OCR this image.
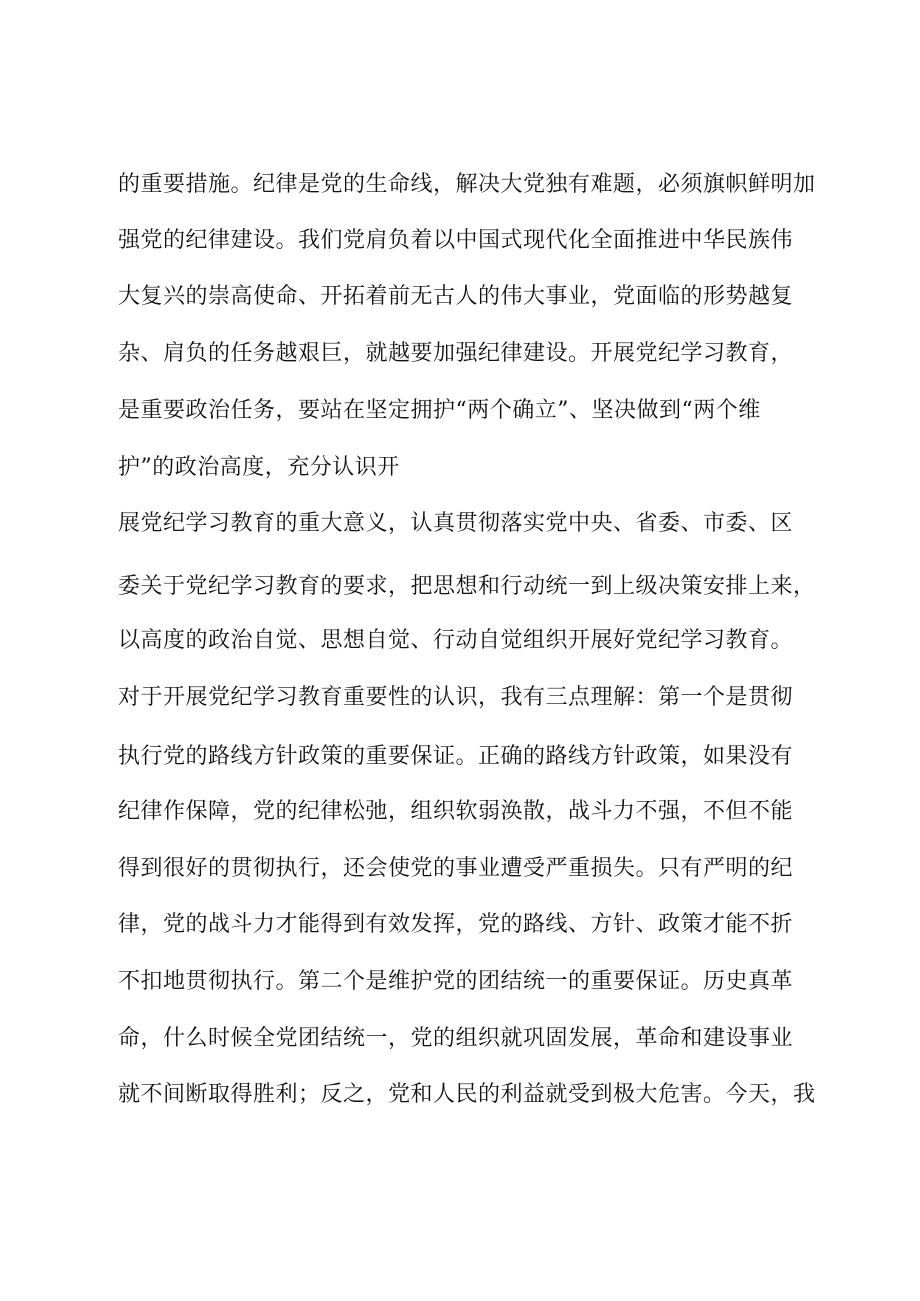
的重要措施。纪律是党的生命线，解决大党独有难题，必须旗帜鲜明加
强党的纪律建设。我们党肩负着以中国式现代化全面推进中华民族伟
大复兴的崇高使命、开拓着前无古人的伟大事业，党面临的形势越复
杂、肩负的任务越艰巨，就越要加强纪律建设。开展党纪学习教育，
是重要政治任务，要站在坚定拥护“两个确立”、坚决做到“两个维
护”的政治高度，充分认识开
展党纪学习教育的重大意义，认真贯彻落实党中央、省委、市委、区
委关于党纪学习教育的要求，把思想和行动统一到上级决策安排上来，
以高度的政治自觉、思想自觉、行动自觉组织开展好党纪学习教育。
对于开展党纪学习教育重要性的认识，我有三点理解：第一个是贯彻
执行党的路线方针政策的重要保证。正确的路线方针政策，如果没有
纪律作保障，党的纪律松弛，组织软弱涣散，战斗力不强，不但不能
得到很好的贯彻执行，还会使党的事业遭受严重损失。只有严明的纪
律，党的战斗力才能得到有效发挥，党的路线、方针、政策才能不折
不扣地贯彻执行。第二个是维护党的团结统一的重要保证。历史真革
命，什么时候全党团结统一，党的组织就巩固发展，革命和建设事业
就不间断取得胜利；反之，党和人民的利益就受到极大危害。今天，我
